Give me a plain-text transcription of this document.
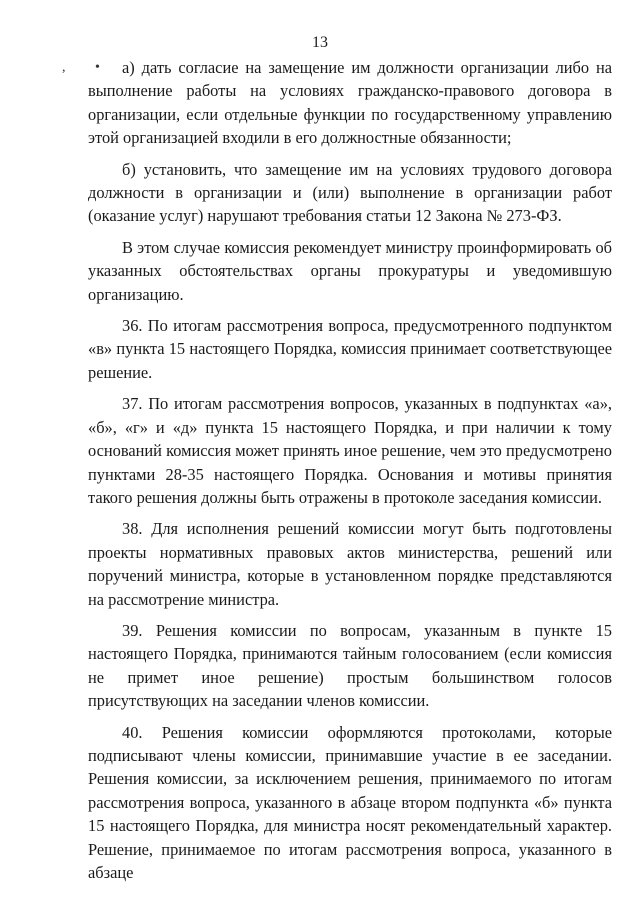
13
, •	а) дать согласие на замещение им должности организации либо на выполнение работы на условиях гражданско-правового договора в организации, если отдельные функции по государственному управлению этой организацией входили в его должностные обязанности;

б) установить, что замещение им на условиях трудового договора должности в организации и (или) выполнение в организации работ (оказание услуг) нарушают требования статьи 12 Закона № 273-ФЗ.

В этом случае комиссия рекомендует министру проинформировать об указанных обстоятельствах органы прокуратуры и уведомившую организацию.

36. По итогам рассмотрения вопроса, предусмотренного подпунктом «в» пункта 15 настоящего Порядка, комиссия принимает соответствующее решение.

37. По итогам рассмотрения вопросов, указанных в подпунктах «а», «б», «г» и «д» пункта 15 настоящего Порядка, и при наличии к тому оснований комиссия может принять иное решение, чем это предусмотрено пунктами 28-35 настоящего Порядка. Основания и мотивы принятия такого решения должны быть отражены в протоколе заседания комиссии.

38. Для исполнения решений комиссии могут быть подготовлены проекты нормативных правовых актов министерства, решений или поручений министра, которые в установленном порядке представляются на рассмотрение министра.

39. Решения комиссии по вопросам, указанным в пункте 15 настоящего Порядка, принимаются тайным голосованием (если комиссия не примет иное решение) простым большинством голосов присутствующих на заседании членов комиссии.

40. Решения комиссии оформляются протоколами, которые подписывают члены комиссии, принимавшие участие в ее заседании. Решения комиссии, за исключением решения, принимаемого по итогам рассмотрения вопроса, указанного в абзаце втором подпункта «б» пункта 15 настоящего Порядка, для министра носят рекомендательный характер. Решение, принимаемое по итогам рассмотрения вопроса, указанного в абзаце
